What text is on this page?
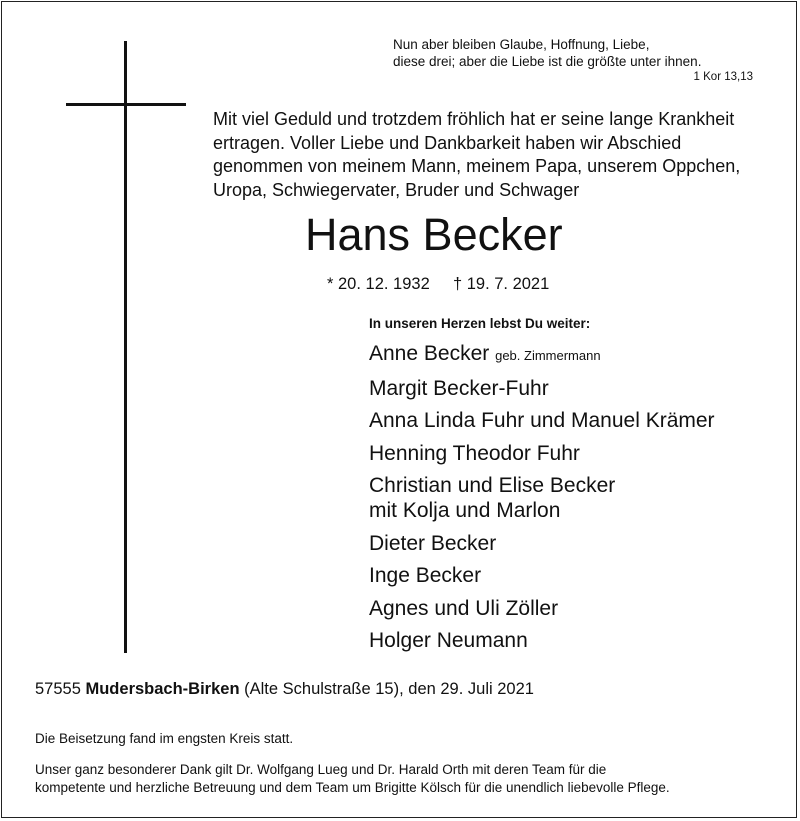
Nun aber bleiben Glaube, Hoffnung, Liebe,
diese drei; aber die Liebe ist die größte unter ihnen.
1 Kor 13,13
Mit viel Geduld und trotzdem fröhlich hat er seine lange Krankheit
ertragen. Voller Liebe und Dankbarkeit haben wir Abschied
genommen von meinem Mann, meinem Papa, unserem Oppchen,
Uropa, Schwiegervater, Bruder und Schwager
Hans Becker
* 20. 12. 1932 † 19. 7. 2021
In unseren Herzen lebst Du weiter:
Anne Becker geb. Zimmermann
Margit Becker-Fuhr
Anna Linda Fuhr und Manuel Krämer
Henning Theodor Fuhr
Christian und Elise Becker
mit Kolja und Marlon
Dieter Becker
Inge Becker
Agnes und Uli Zöller
Holger Neumann
57555 Mudersbach-Birken (Alte Schulstraße 15), den 29. Juli 2021
Die Beisetzung fand im engsten Kreis statt.
Unser ganz besonderer Dank gilt Dr. Wolfgang Lueg und Dr. Harald Orth mit deren Team für die
kompetente und herzliche Betreuung und dem Team um Brigitte Kölsch für die unendlich liebevolle Pflege.
